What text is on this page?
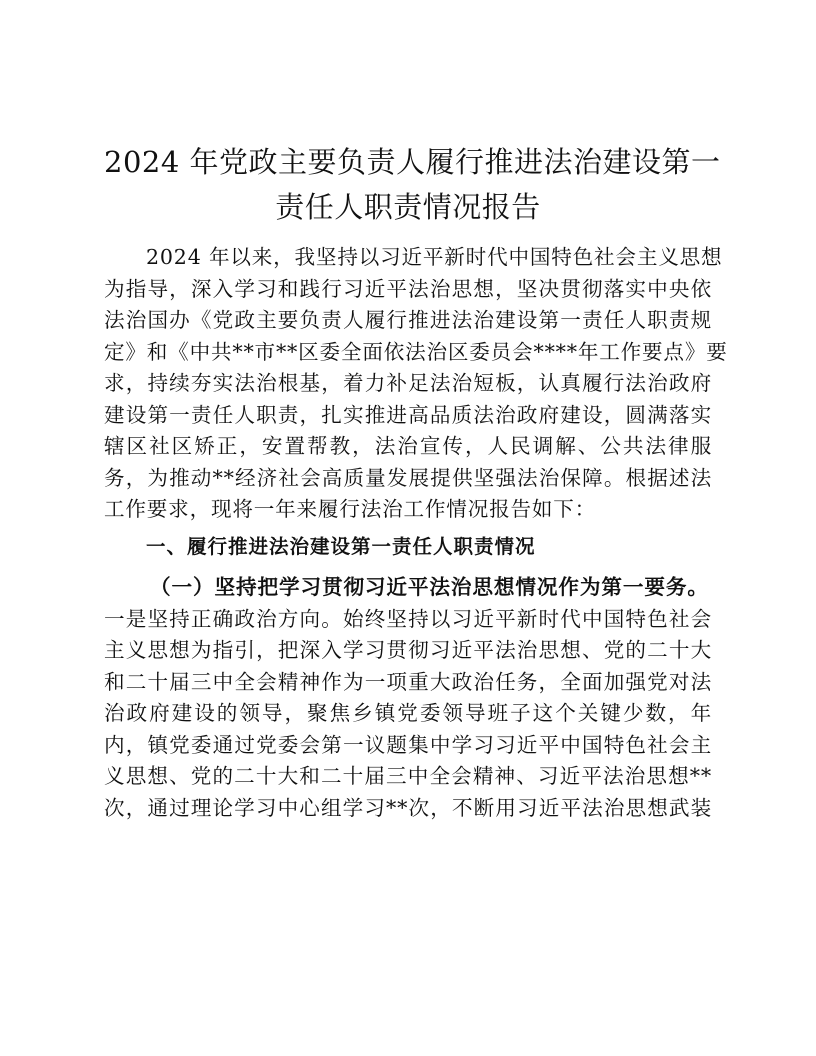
2024 年党政主要负责人履行推进法治建设第一
责任人职责情况报告
2024 年以来，我坚持以习近平新时代中国特色社会主义思想
为指导，深入学习和践行习近平法治思想，坚决贯彻落实中央依
法治国办《党政主要负责人履行推进法治建设第一责任人职责规
定》和《中共**市**区委全面依法治区委员会****年工作要点》要
求，持续夯实法治根基，着力补足法治短板，认真履行法治政府
建设第一责任人职责，扎实推进高品质法治政府建设，圆满落实
辖区社区矫正，安置帮教，法治宣传，人民调解、公共法律服
务，为推动**经济社会高质量发展提供坚强法治保障。根据述法
工作要求，现将一年来履行法治工作情况报告如下：
一、履行推进法治建设第一责任人职责情况
（一）坚持把学习贯彻习近平法治思想情况作为第一要务。
一是坚持正确政治方向。始终坚持以习近平新时代中国特色社会
主义思想为指引，把深入学习贯彻习近平法治思想、党的二十大
和二十届三中全会精神作为一项重大政治任务，全面加强党对法
治政府建设的领导，聚焦乡镇党委领导班子这个关键少数，年
内，镇党委通过党委会第一议题集中学习习近平中国特色社会主
义思想、党的二十大和二十届三中全会精神、习近平法治思想**
次，通过理论学习中心组学习**次，不断用习近平法治思想武装
